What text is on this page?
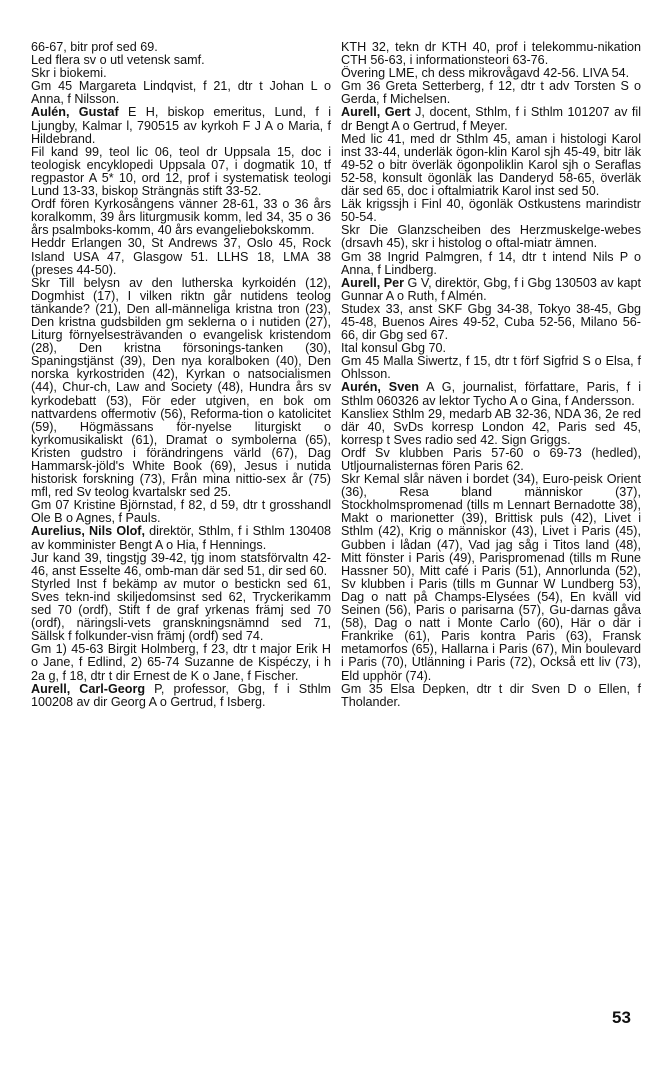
66-67, bitr prof sed 69.

Led flera sv o utl vetensk samf.

Skr i biokemi.

Gm 45 Margareta Lindqvist, f 21, dtr t Johan L o Anna, f Nilsson.

Aulén, Gustaf E H, biskop emeritus, Lund, f i Ljungby, Kalmar l, 790515 av kyrkoh F J A o Maria, f Hildebrand.

Fil kand 99, teol lic 06, teol dr Uppsala 15, doc i teologisk encyklopedi Uppsala 07, i dogmatik 10, tf regpastor A 5* 10, ord 12, prof i systematisk teologi Lund 13-33, biskop Strängnäs stift 33-52.

Ordf fören Kyrkosångens vänner 28-61, 33 o 36 års koralkomm, 39 års liturgmusik komm, led 34, 35 o 36 års psalmboks-komm, 40 års evangeliebokskomm.

Heddr Erlangen 30, St Andrews 37, Oslo 45, Rock Island USA 47, Glasgow 51. LLHS 18, LMA 38 (preses 44-50).

Skr Till belysn av den lutherska kyrkoidén (12), Dogmhist (17), I vilken riktn går nutidens teolog tänkande? (21), Den all-männeliga kristna tron (23), Den kristna gudsbilden gm seklerna o i nutiden (27), Liturg förnyelsesträvanden o evangelisk kristendom (28), Den kristna försonings-tanken (30), Spaningstjänst (39), Den nya koralboken (40), Den norska kyrkostriden (42), Kyrkan o natsocialismen (44), Chur-ch, Law and Society (48), Hundra års sv kyrkodebatt (53), För eder utgiven, en bok om nattvardens offermotiv (56), Reforma-tion o katolicitet (59), Högmässans för-nyelse liturgiskt o kyrkomusikaliskt (61), Dramat o symbolerna (65), Kristen gudstro i förändringens värld (67), Dag Hammarsk-jöld's White Book (69), Jesus i nutida historisk forskning (73), Från mina nittio-sex år (75) mfl, red Sv teolog kvartalskr sed 25.

Gm 07 Kristine Björnstad, f 82, d 59, dtr t grosshandl Ole B o Agnes, f Pauls.

Aurelius, Nils Olof, direktör, Sthlm, f i Sthlm 130408 av komminister Bengt A o Hia, f Hennings.

Jur kand 39, tingstjg 39-42, tjg inom statsförvaltn 42-46, anst Esselte 46, omb-man där sed 51, dir sed 60.

Styrled Inst f bekämp av mutor o bestickn sed 61, Sves tekn-ind skiljedomsinst sed 62, Tryckerikamm sed 70 (ordf), Stift f de graf yrkenas främj sed 70 (ordf), näringsli-vets granskningsnämnd sed 71, Sällsk f folkunder-visn främj (ordf) sed 74.

Gm 1) 45-63 Birgit Holmberg, f 23, dtr t major Erik H o Jane, f Edlind, 2) 65-74 Suzanne de Kispéczy, i h 2a g, f 18, dtr t dir Ernest de K o Jane, f Fischer.

Aurell, Carl-Georg P, professor, Gbg, f i Sthlm 100208 av dir Georg A o Gertrud, f Isberg.

KTH 32, tekn dr KTH 40, prof i telekommu-nikation CTH 56-63, i informationsteori 63-76.

Övering LME, ch dess mikrovågavd 42-56. LIVA 54.

Gm 36 Greta Setterberg, f 12, dtr t adv Torsten S o Gerda, f Michelsen.

Aurell, Gert J, docent, Sthlm, f i Sthlm 101207 av fil dr Bengt A o Gertrud, f Meyer.

Med lic 41, med dr Sthlm 45, aman i histologi Karol inst 33-44, underläk ögon-klin Karol sjh 45-49, bitr läk 49-52 o bitr överläk ögonpoliklin Karol sjh o Seraflas 52-58, konsult ögonläk las Danderyd 58-65, överläk där sed 65, doc i oftalmiatrik Karol inst sed 50.

Läk krigssjh i Finl 40, ögonläk Ostkustens marindistr 50-54.

Skr Die Glanzscheiben des Herzmuskelge-webes (drsavh 45), skr i histolog o oftal-miatr ämnen.

Gm 38 Ingrid Palmgren, f 14, dtr t intend Nils P o Anna, f Lindberg.

Aurell, Per G V, direktör, Gbg, f i Gbg 130503 av kapt Gunnar A o Ruth, f Almén.

Studex 33, anst SKF Gbg 34-38, Tokyo 38-45, Gbg 45-48, Buenos Aires 49-52, Cuba 52-56, Milano 56-66, dir Gbg sed 67.

Ital konsul Gbg 70.

Gm 45 Malla Siwertz, f 15, dtr t förf Sigfrid S o Elsa, f Ohlsson.

Aurén, Sven A G, journalist, författare, Paris, f i Sthlm 060326 av lektor Tycho A o Gina, f Andersson.

Kansliex Sthlm 29, medarb AB 32-36, NDA 36, 2e red där 40, SvDs korresp London 42, Paris sed 45, korresp t Sves radio sed 42. Sign Griggs.

Ordf Sv klubben Paris 57-60 o 69-73 (hedled), Utljournalisternas fören Paris 62.

Skr Kemal slår näven i bordet (34), Euro-peisk Orient (36), Resa bland människor (37), Stockholmspromenad (tills m Lennart Bernadotte 38), Makt o marionetter (39), Brittisk puls (42), Livet i Sthlm (42), Krig o människor (43), Livet i Paris (45), Gubben i lådan (47), Vad jag såg i Titos land (48), Mitt fönster i Paris (49), Parispromenad (tills m Rune Hassner 50), Mitt café i Paris (51), Annorlunda (52), Sv klubben i Paris (tills m Gunnar W Lundberg 53), Dag o natt på Champs-Elysées (54), En kväll vid Seinen (56), Paris o parisarna (57), Gu-darnas gåva (58), Dag o natt i Monte Carlo (60), Här o där i Frankrike (61), Paris kontra Paris (63), Fransk metamorfos (65), Hallarna i Paris (67), Min boulevard i Paris (70), Utlänning i Paris (72), Också ett liv (73), Eld upphör (74).

Gm 35 Elsa Depken, dtr t dir Sven D o Ellen, f Tholander.

53
